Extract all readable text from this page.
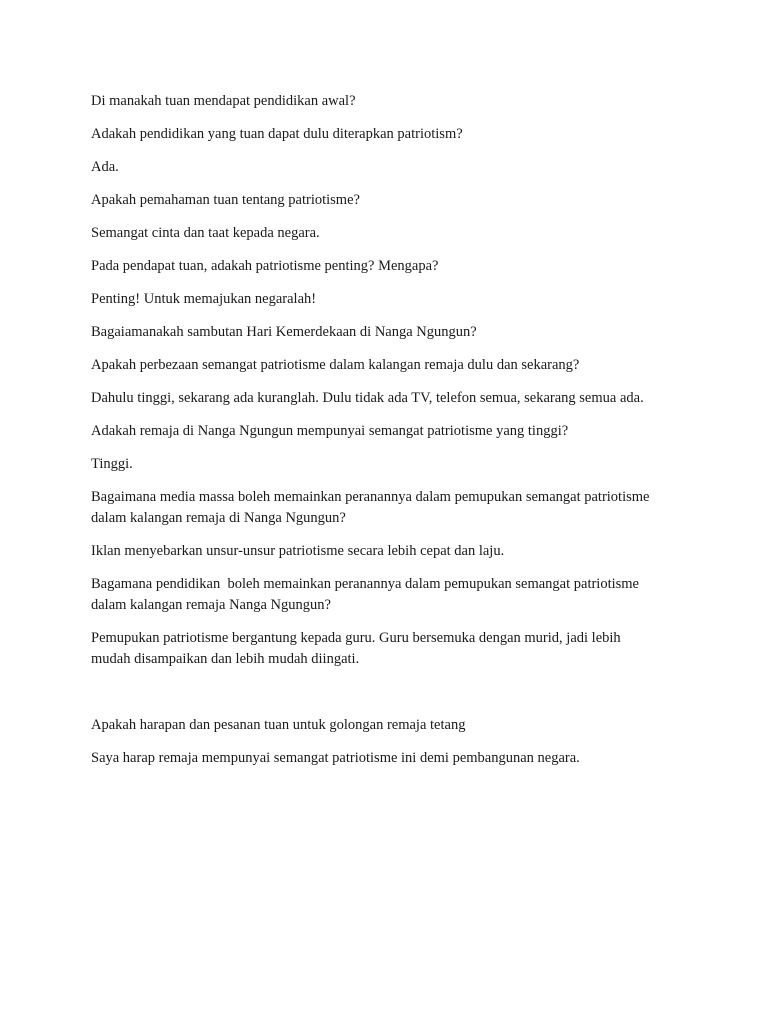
Di manakah tuan mendapat pendidikan awal?

Adakah pendidikan yang tuan dapat dulu diterapkan patriotism?

Ada.

Apakah pemahaman tuan tentang patriotisme?

Semangat cinta dan taat kepada negara.

Pada pendapat tuan, adakah patriotisme penting? Mengapa?

Penting! Untuk memajukan negaralah!

Bagaiamanakah sambutan Hari Kemerdekaan di Nanga Ngungun?

Apakah perbezaan semangat patriotisme dalam kalangan remaja dulu dan sekarang?

Dahulu tinggi, sekarang ada kuranglah. Dulu tidak ada TV, telefon semua, sekarang semua ada.

Adakah remaja di Nanga Ngungun mempunyai semangat patriotisme yang tinggi?

Tinggi.

Bagaimana media massa boleh memainkan peranannya dalam pemupukan semangat patriotisme
dalam kalangan remaja di Nanga Ngungun?

Iklan menyebarkan unsur-unsur patriotisme secara lebih cepat dan laju.

Bagamana pendidikan  boleh memainkan peranannya dalam pemupukan semangat patriotisme
dalam kalangan remaja Nanga Ngungun?

Pemupukan patriotisme bergantung kepada guru. Guru bersemuka dengan murid, jadi lebih
mudah disampaikan dan lebih mudah diingati.

Apakah harapan dan pesanan tuan untuk golongan remaja tetang

Saya harap remaja mempunyai semangat patriotisme ini demi pembangunan negara.
